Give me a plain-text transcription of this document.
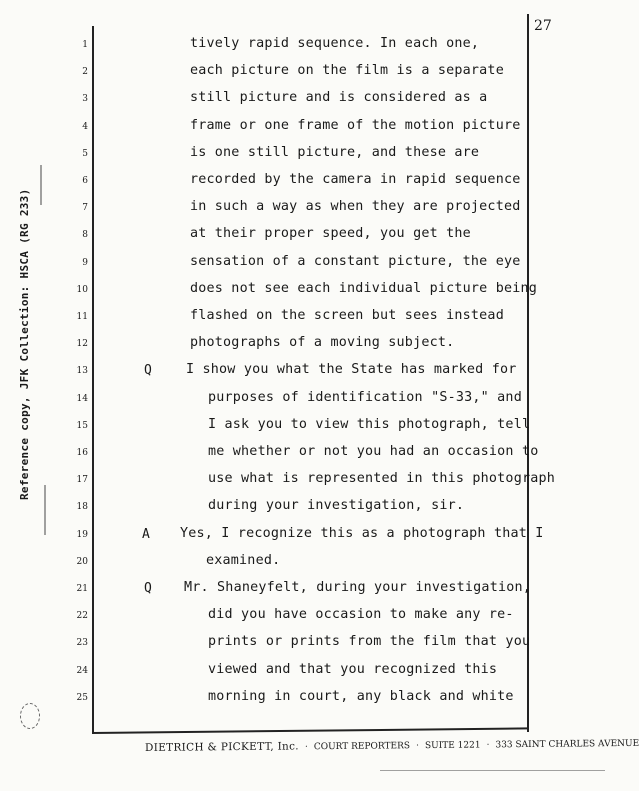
27
Reference copy, JFK Collection: HSCA (RG 233)
1	tively rapid sequence. In each one,
2	each picture on the film is a separate
3	still picture and is considered as a
4	frame or one frame of the motion picture
5	is one still picture, and these are
6	recorded by the camera in rapid sequence
7	in such a way as when they are projected
8	at their proper speed, you get the
9	sensation of a constant picture, the eye
10	does not see each individual picture being
11	flashed on the screen but sees instead
12	photographs of a moving subject.
13	Q	I show you what the State has marked for
14	purposes of identification "S-33," and
15	I ask you to view this photograph, tell
16	me whether or not you had an occasion to
17	use what is represented in this photograph
18	during your investigation, sir.
19	A Yes, I recognize this as a photograph that I
20	examined.
21	Q Mr. Shaneyfelt, during your investigation,
22	did you have occasion to make any re-
23	prints or prints from the film that you
24	viewed and that you recognized this
25	morning in court, any black and white
DIETRICH & PICKETT, Inc. · COURT REPORTERS · SUITE 1221 · 333 SAINT CHARLES AVENUE
